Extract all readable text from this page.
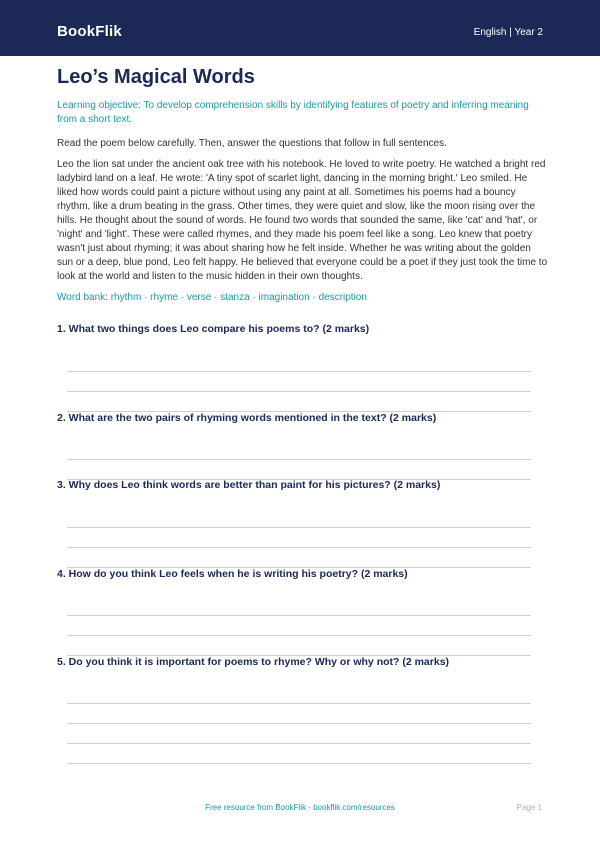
BookFlik	English | Year 2
Leo’s Magical Words
Learning objective: To develop comprehension skills by identifying features of poetry and inferring meaning from a short text.
Read the poem below carefully. Then, answer the questions that follow in full sentences.
Leo the lion sat under the ancient oak tree with his notebook. He loved to write poetry. He watched a bright red ladybird land on a leaf. He wrote: 'A tiny spot of scarlet light, dancing in the morning bright.' Leo smiled. He liked how words could paint a picture without using any paint at all. Sometimes his poems had a bouncy rhythm, like a drum beating in the grass. Other times, they were quiet and slow, like the moon rising over the hills. He thought about the sound of words. He found two words that sounded the same, like 'cat' and 'hat', or 'night' and 'light'. These were called rhymes, and they made his poem feel like a song. Leo knew that poetry wasn't just about rhyming; it was about sharing how he felt inside. Whether he was writing about the golden sun or a deep, blue pond, Leo felt happy. He believed that everyone could be a poet if they just took the time to look at the world and listen to the music hidden in their own thoughts.
Word bank: rhythm · rhyme · verse · stanza · imagination · description
1. What two things does Leo compare his poems to? (2 marks)
2. What are the two pairs of rhyming words mentioned in the text? (2 marks)
3. Why does Leo think words are better than paint for his pictures? (2 marks)
4. How do you think Leo feels when he is writing his poetry? (2 marks)
5. Do you think it is important for poems to rhyme? Why or why not? (2 marks)
Free resource from BookFlik · bookflik.com/resources	Page 1
